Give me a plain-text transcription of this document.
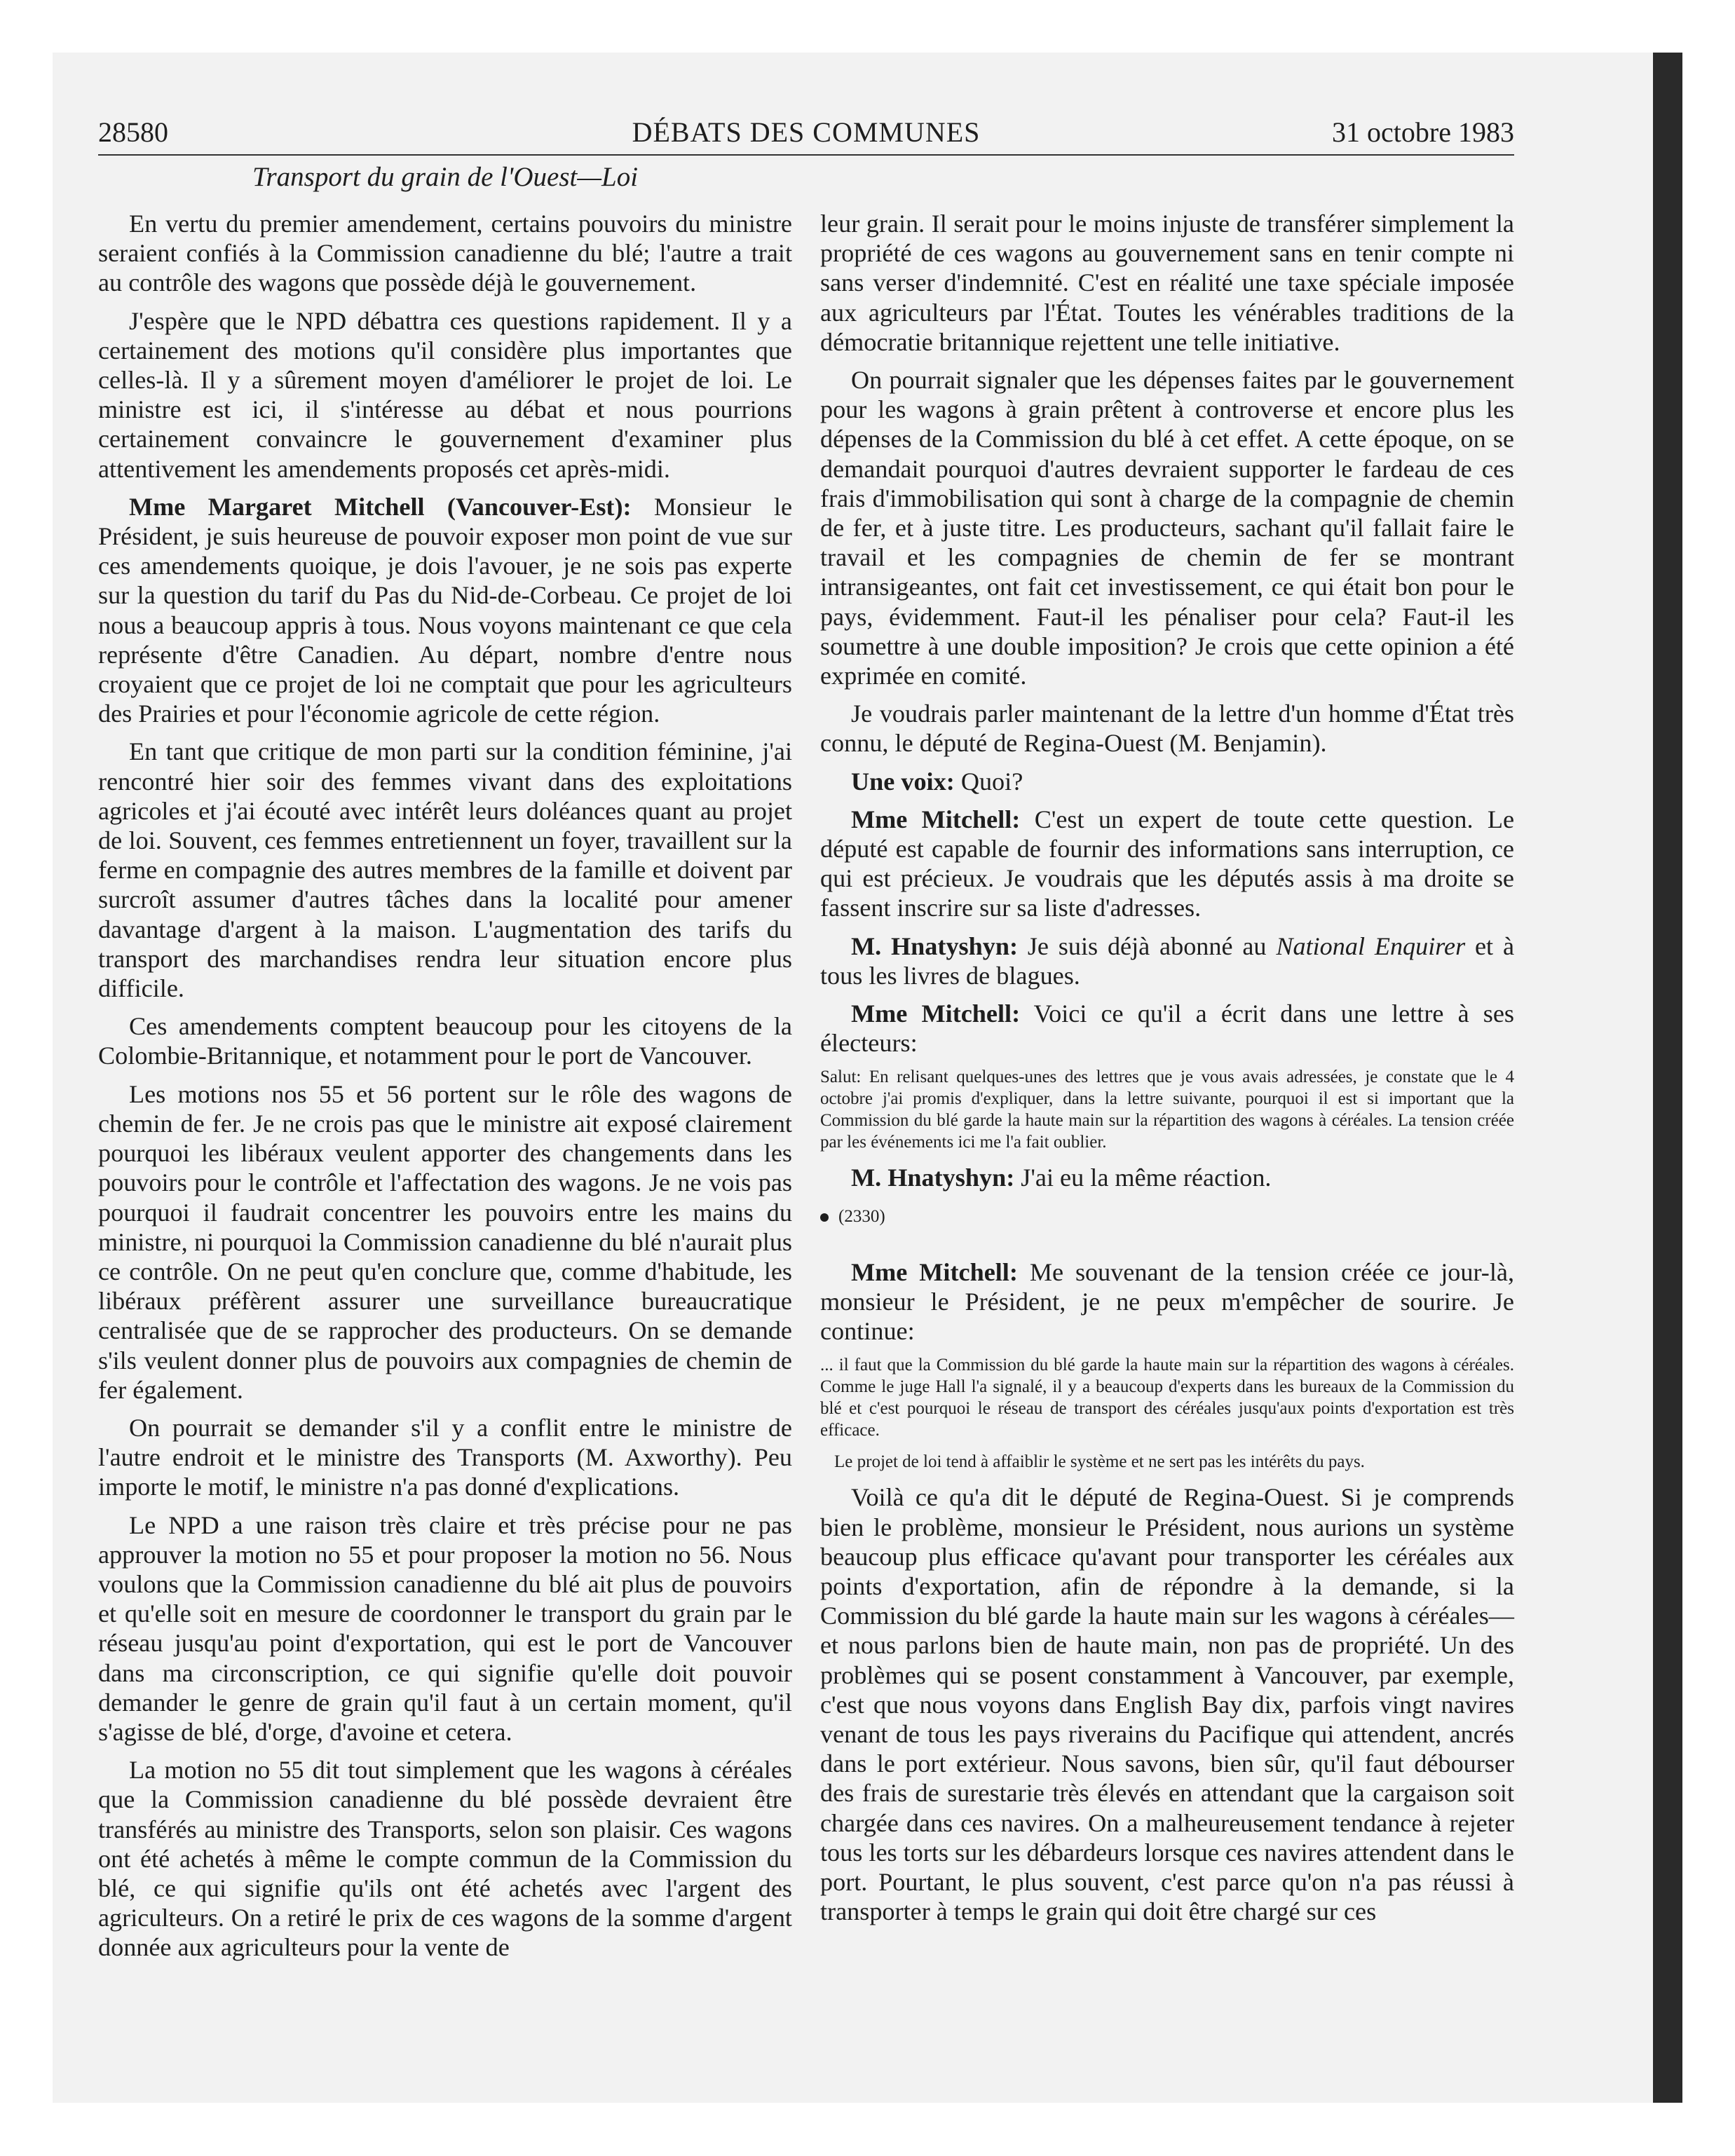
28580	DÉBATS DES COMMUNES	31 octobre 1983
Transport du grain de l'Ouest—Loi

En vertu du premier amendement, certains pouvoirs du ministre seraient confiés à la Commission canadienne du blé; l'autre a trait au contrôle des wagons que possède déjà le gouvernement.

J'espère que le NPD débattra ces questions rapidement. Il y a certainement des motions qu'il considère plus importantes que celles-là. Il y a sûrement moyen d'améliorer le projet de loi. Le ministre est ici, il s'intéresse au débat et nous pourrions certainement convaincre le gouvernement d'examiner plus attentivement les amendements proposés cet après-midi.

Mme Margaret Mitchell (Vancouver-Est): Monsieur le Président, je suis heureuse de pouvoir exposer mon point de vue sur ces amendements quoique, je dois l'avouer, je ne sois pas experte sur la question du tarif du Pas du Nid-de-Corbeau. Ce projet de loi nous a beaucoup appris à tous. Nous voyons maintenant ce que cela représente d'être Canadien. Au départ, nombre d'entre nous croyaient que ce projet de loi ne comptait que pour les agriculteurs des Prairies et pour l'économie agricole de cette région.

En tant que critique de mon parti sur la condition féminine, j'ai rencontré hier soir des femmes vivant dans des exploitations agricoles et j'ai écouté avec intérêt leurs doléances quant au projet de loi. Souvent, ces femmes entretiennent un foyer, travaillent sur la ferme en compagnie des autres membres de la famille et doivent par surcroît assumer d'autres tâches dans la localité pour amener davantage d'argent à la maison. L'augmentation des tarifs du transport des marchandises rendra leur situation encore plus difficile.

Ces amendements comptent beaucoup pour les citoyens de la Colombie-Britannique, et notamment pour le port de Vancouver.

Les motions nos 55 et 56 portent sur le rôle des wagons de chemin de fer. Je ne crois pas que le ministre ait exposé clairement pourquoi les libéraux veulent apporter des changements dans les pouvoirs pour le contrôle et l'affectation des wagons. Je ne vois pas pourquoi il faudrait concentrer les pouvoirs entre les mains du ministre, ni pourquoi la Commission canadienne du blé n'aurait plus ce contrôle. On ne peut qu'en conclure que, comme d'habitude, les libéraux préfèrent assurer une surveillance bureaucratique centralisée que de se rapprocher des producteurs. On se demande s'ils veulent donner plus de pouvoirs aux compagnies de chemin de fer également.

On pourrait se demander s'il y a conflit entre le ministre de l'autre endroit et le ministre des Transports (M. Axworthy). Peu importe le motif, le ministre n'a pas donné d'explications.

Le NPD a une raison très claire et très précise pour ne pas approuver la motion no 55 et pour proposer la motion no 56. Nous voulons que la Commission canadienne du blé ait plus de pouvoirs et qu'elle soit en mesure de coordonner le transport du grain par le réseau jusqu'au point d'exportation, qui est le port de Vancouver dans ma circonscription, ce qui signifie qu'elle doit pouvoir demander le genre de grain qu'il faut à un certain moment, qu'il s'agisse de blé, d'orge, d'avoine et cetera.

La motion no 55 dit tout simplement que les wagons à céréales que la Commission canadienne du blé possède devraient être transférés au ministre des Transports, selon son plaisir. Ces wagons ont été achetés à même le compte commun de la Commission du blé, ce qui signifie qu'ils ont été achetés avec l'argent des agriculteurs. On a retiré le prix de ces wagons de la somme d'argent donnée aux agriculteurs pour la vente de

leur grain. Il serait pour le moins injuste de transférer simplement la propriété de ces wagons au gouvernement sans en tenir compte ni sans verser d'indemnité. C'est en réalité une taxe spéciale imposée aux agriculteurs par l'État. Toutes les vénérables traditions de la démocratie britannique rejettent une telle initiative.

On pourrait signaler que les dépenses faites par le gouvernement pour les wagons à grain prêtent à controverse et encore plus les dépenses de la Commission du blé à cet effet. A cette époque, on se demandait pourquoi d'autres devraient supporter le fardeau de ces frais d'immobilisation qui sont à charge de la compagnie de chemin de fer, et à juste titre. Les producteurs, sachant qu'il fallait faire le travail et les compagnies de chemin de fer se montrant intransigeantes, ont fait cet investissement, ce qui était bon pour le pays, évidemment. Faut-il les pénaliser pour cela? Faut-il les soumettre à une double imposition? Je crois que cette opinion a été exprimée en comité.

Je voudrais parler maintenant de la lettre d'un homme d'État très connu, le député de Regina-Ouest (M. Benjamin).

Une voix: Quoi?

Mme Mitchell: C'est un expert de toute cette question. Le député est capable de fournir des informations sans interruption, ce qui est précieux. Je voudrais que les députés assis à ma droite se fassent inscrire sur sa liste d'adresses.

M. Hnatyshyn: Je suis déjà abonné au National Enquirer et à tous les livres de blagues.

Mme Mitchell: Voici ce qu'il a écrit dans une lettre à ses électeurs:

Salut: En relisant quelques-unes des lettres que je vous avais adressées, je constate que le 4 octobre j'ai promis d'expliquer, dans la lettre suivante, pourquoi il est si important que la Commission du blé garde la haute main sur la répartition des wagons à céréales. La tension créée par les événements ici me l'a fait oublier.

M. Hnatyshyn: J'ai eu la même réaction.

(2330)

Mme Mitchell: Me souvenant de la tension créée ce jour-là, monsieur le Président, je ne peux m'empêcher de sourire. Je continue:

... il faut que la Commission du blé garde la haute main sur la répartition des wagons à céréales. Comme le juge Hall l'a signalé, il y a beaucoup d'experts dans les bureaux de la Commission du blé et c'est pourquoi le réseau de transport des céréales jusqu'aux points d'exportation est très efficace.

Le projet de loi tend à affaiblir le système et ne sert pas les intérêts du pays.

Voilà ce qu'a dit le député de Regina-Ouest. Si je comprends bien le problème, monsieur le Président, nous aurions un système beaucoup plus efficace qu'avant pour transporter les céréales aux points d'exportation, afin de répondre à la demande, si la Commission du blé garde la haute main sur les wagons à céréales—et nous parlons bien de haute main, non pas de propriété. Un des problèmes qui se posent constamment à Vancouver, par exemple, c'est que nous voyons dans English Bay dix, parfois vingt navires venant de tous les pays riverains du Pacifique qui attendent, ancrés dans le port extérieur. Nous savons, bien sûr, qu'il faut débourser des frais de surestarie très élevés en attendant que la cargaison soit chargée dans ces navires. On a malheureusement tendance à rejeter tous les torts sur les débardeurs lorsque ces navires attendent dans le port. Pourtant, le plus souvent, c'est parce qu'on n'a pas réussi à transporter à temps le grain qui doit être chargé sur ces
